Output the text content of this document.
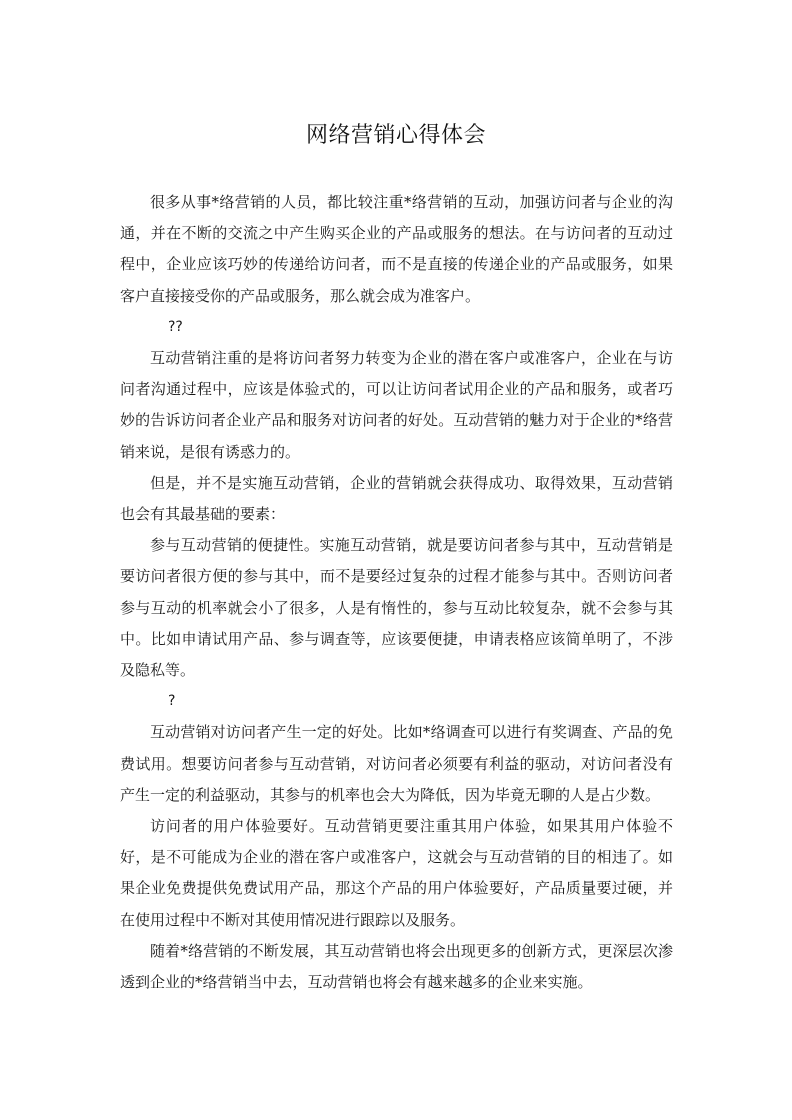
网络营销心得体会

很多从事*络营销的人员，都比较注重*络营销的互动，加强访问者与企业的沟通，并在不断的交流之中产生购买企业的产品或服务的想法。在与访问者的互动过程中，企业应该巧妙的传递给访问者，而不是直接的传递企业的产品或服务，如果客户直接接受你的产品或服务，那么就会成为准客户。

??

互动营销注重的是将访问者努力转变为企业的潜在客户或准客户，企业在与访问者沟通过程中，应该是体验式的，可以让访问者试用企业的产品和服务，或者巧妙的告诉访问者企业产品和服务对访问者的好处。互动营销的魅力对于企业的*络营销来说，是很有诱惑力的。

但是，并不是实施互动营销，企业的营销就会获得成功、取得效果，互动营销也会有其最基础的要素：

参与互动营销的便捷性。实施互动营销，就是要访问者参与其中，互动营销是要访问者很方便的参与其中，而不是要经过复杂的过程才能参与其中。否则访问者参与互动的机率就会小了很多，人是有惰性的，参与互动比较复杂，就不会参与其中。比如申请试用产品、参与调查等，应该要便捷，申请表格应该简单明了，不涉及隐私等。

?

互动营销对访问者产生一定的好处。比如*络调查可以进行有奖调查、产品的免费试用。想要访问者参与互动营销，对访问者必须要有利益的驱动，对访问者没有产生一定的利益驱动，其参与的机率也会大为降低，因为毕竟无聊的人是占少数。

访问者的用户体验要好。互动营销更要注重其用户体验，如果其用户体验不好，是不可能成为企业的潜在客户或准客户，这就会与互动营销的目的相违了。如果企业免费提供免费试用产品，那这个产品的用户体验要好，产品质量要过硬，并在使用过程中不断对其使用情况进行跟踪以及服务。

随着*络营销的不断发展，其互动营销也将会出现更多的创新方式，更深层次渗透到企业的*络营销当中去，互动营销也将会有越来越多的企业来实施。
